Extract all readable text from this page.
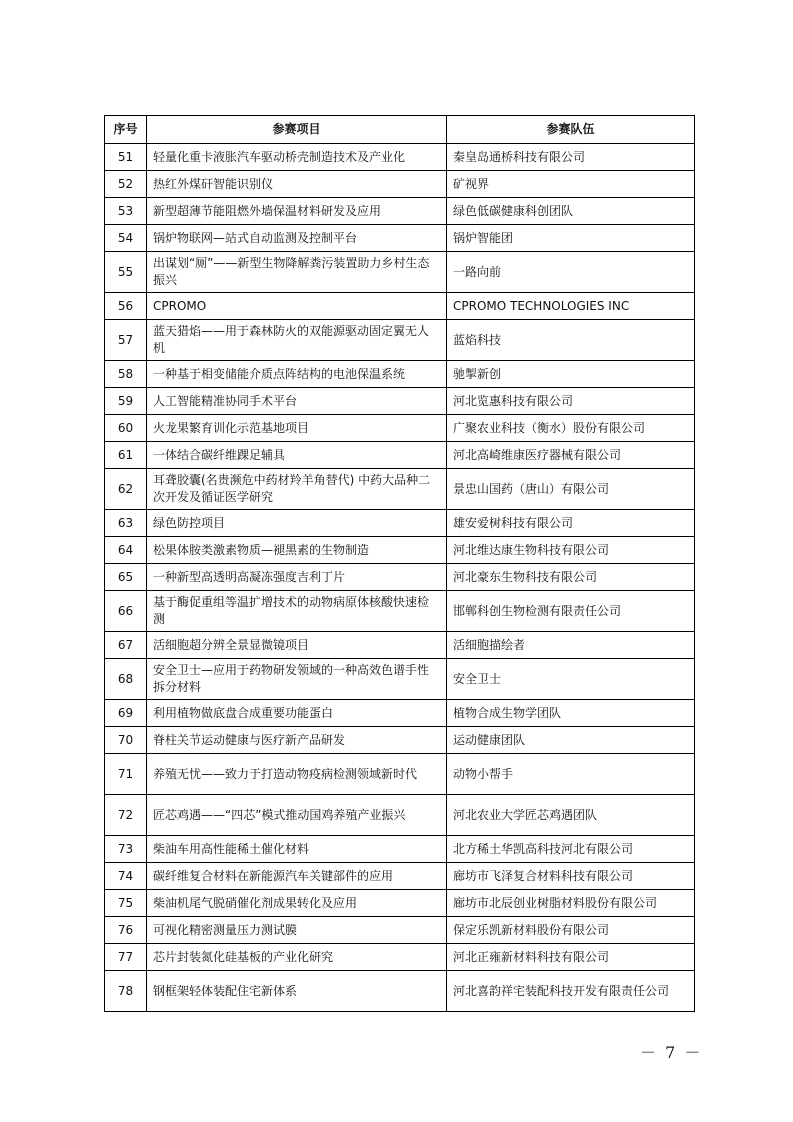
序号	参赛项目	参赛队伍
51	轻量化重卡液胀汽车驱动桥壳制造技术及产业化	秦皇岛通桥科技有限公司
52	热红外煤矸智能识别仪	矿视界
53	新型超薄节能阻燃外墙保温材料研发及应用	绿色低碳健康科创团队
54	锅炉物联网—站式自动监测及控制平台	锅炉智能团
55	出谋划“厕”——新型生物降解粪污装置助力乡村生态振兴	一路向前
56	CPROMO	CPROMO TECHNOLOGIES INC
57	蓝天猎焰——用于森林防火的双能源驱动固定翼无人机	蓝焰科技
58	一种基于相变储能介质点阵结构的电池保温系统	驰掣新创
59	人工智能精准协同手术平台	河北览惠科技有限公司
60	火龙果繁育训化示范基地项目	广聚农业科技（衡水）股份有限公司
61	一体结合碳纤维踝足辅具	河北高崎维康医疗器械有限公司
62	耳聋胶囊(名贵濒危中药材羚羊角替代) 中药大品种二次开发及循证医学研究	景忠山国药（唐山）有限公司
63	绿色防控项目	雄安爱树科技有限公司
64	松果体胺类激素物质—褪黑素的生物制造	河北维达康生物科技有限公司
65	一种新型高透明高凝冻强度吉利丁片	河北豪东生物科技有限公司
66	基于酶促重组等温扩增技术的动物病原体核酸快速检测	邯郸科创生物检测有限责任公司
67	活细胞超分辨全景显微镜项目	活细胞描绘者
68	安全卫士—应用于药物研发领域的一种高效色谱手性拆分材料	安全卫士
69	利用植物做底盘合成重要功能蛋白	植物合成生物学团队
70	脊柱关节运动健康与医疗新产品研发	运动健康团队
71	养殖无忧——致力于打造动物疫病检测领域新时代	动物小帮手
72	匠芯鸡遇——“四芯”模式推动国鸡养殖产业振兴	河北农业大学匠芯鸡遇团队
73	柴油车用高性能稀土催化材料	北方稀土华凯高科技河北有限公司
74	碳纤维复合材料在新能源汽车关键部件的应用	廊坊市飞泽复合材料科技有限公司
75	柴油机尾气脱硝催化剂成果转化及应用	廊坊市北辰创业树脂材料股份有限公司
76	可视化精密测量压力测试膜	保定乐凯新材料股份有限公司
77	芯片封装氮化硅基板的产业化研究	河北正雍新材料科技有限公司
78	钢框架轻体装配住宅新体系	河北喜韵祥宅装配科技开发有限责任公司
－ 7 －
